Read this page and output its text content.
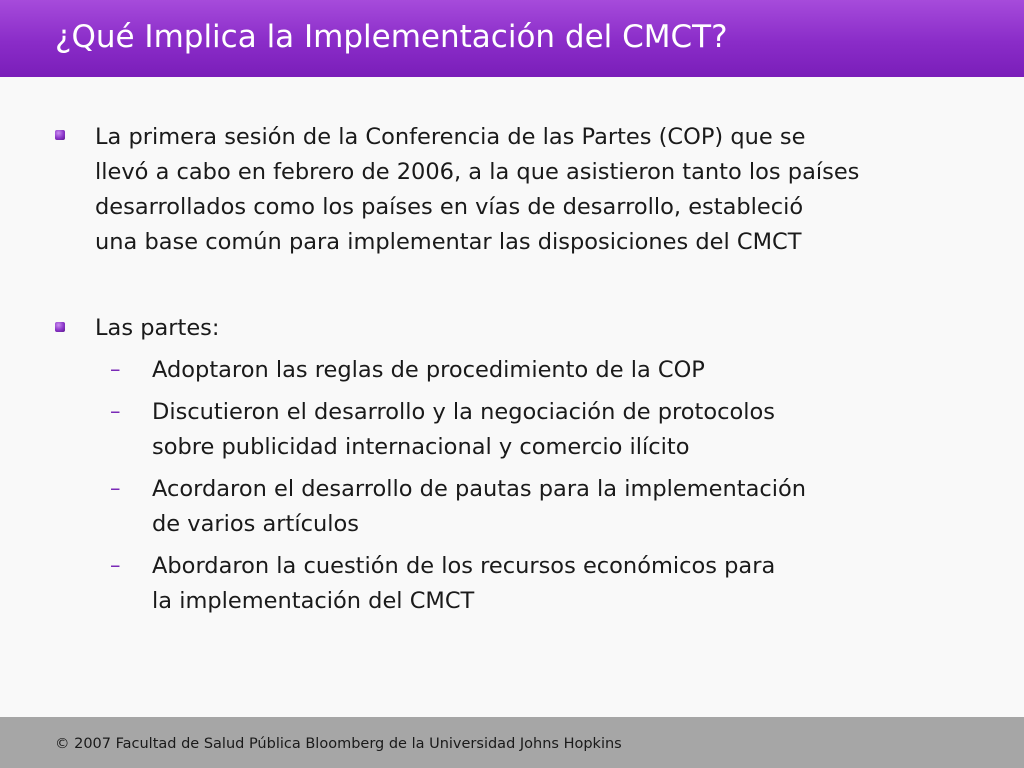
¿Qué Implica la Implementación del CMCT?
La primera sesión de la Conferencia de las Partes (COP) que se
llevó a cabo en febrero de 2006, a la que asistieron tanto los países
desarrollados como los países en vías de desarrollo, estableció
una base común para implementar las disposiciones del CMCT
Las partes:
– Adoptaron las reglas de procedimiento de la COP
– Discutieron el desarrollo y la negociación de protocolos
sobre publicidad internacional y comercio ilícito
– Acordaron el desarrollo de pautas para la implementación
de varios artículos
– Abordaron la cuestión de los recursos económicos para
la implementación del CMCT
© 2007 Facultad de Salud Pública Bloomberg de la Universidad Johns Hopkins
